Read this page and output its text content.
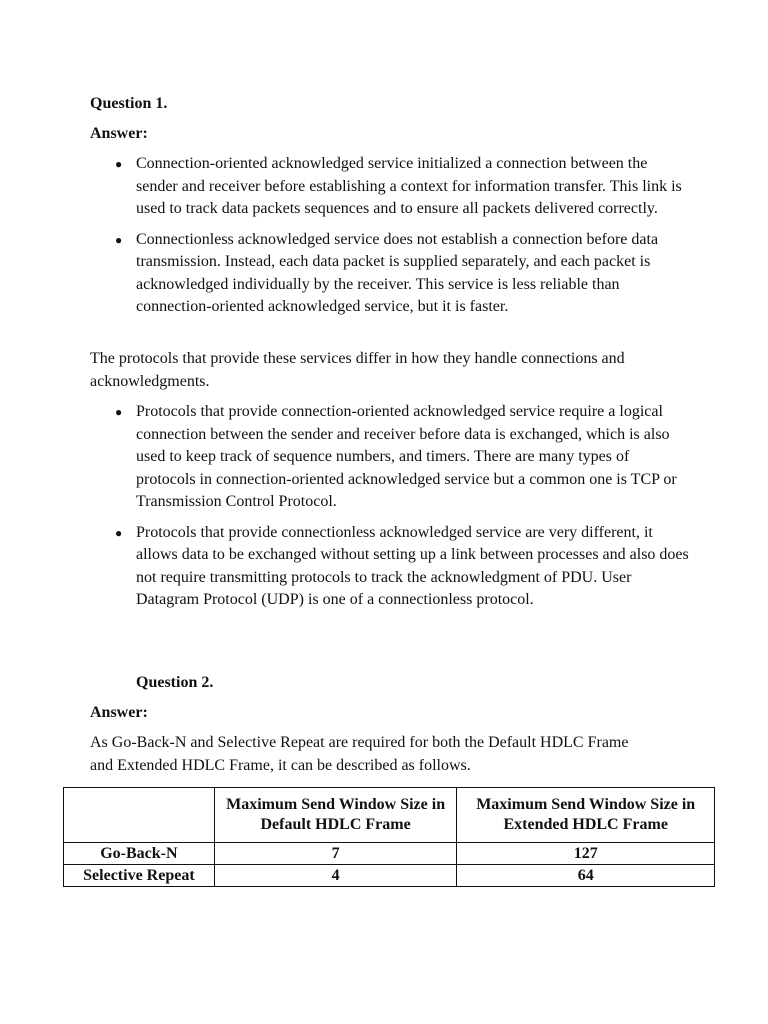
Question 1.

Answer:

● Connection-oriented acknowledged service initialized a connection between the sender and receiver before establishing a context for information transfer. This link is used to track data packets sequences and to ensure all packets delivered correctly.
● Connectionless acknowledged service does not establish a connection before data transmission. Instead, each data packet is supplied separately, and each packet is acknowledged individually by the receiver. This service is less reliable than connection-oriented acknowledged service, but it is faster.

The protocols that provide these services differ in how they handle connections and acknowledgments.

● Protocols that provide connection-oriented acknowledged service require a logical connection between the sender and receiver before data is exchanged, which is also used to keep track of sequence numbers, and timers. There are many types of protocols in connection-oriented acknowledged service but a common one is TCP or Transmission Control Protocol.
● Protocols that provide connectionless acknowledged service are very different, it allows data to be exchanged without setting up a link between processes and also does not require transmitting protocols to track the acknowledgment of PDU. User Datagram Protocol (UDP) is one of a connectionless protocol.

Question 2.

Answer:

As Go-Back-N and Selective Repeat are required for both the Default HDLC Frame and Extended HDLC Frame, it can be described as follows.

	Maximum Send Window Size in Default HDLC Frame	Maximum Send Window Size in Extended HDLC Frame
Go-Back-N	7	127
Selective Repeat	4	64
